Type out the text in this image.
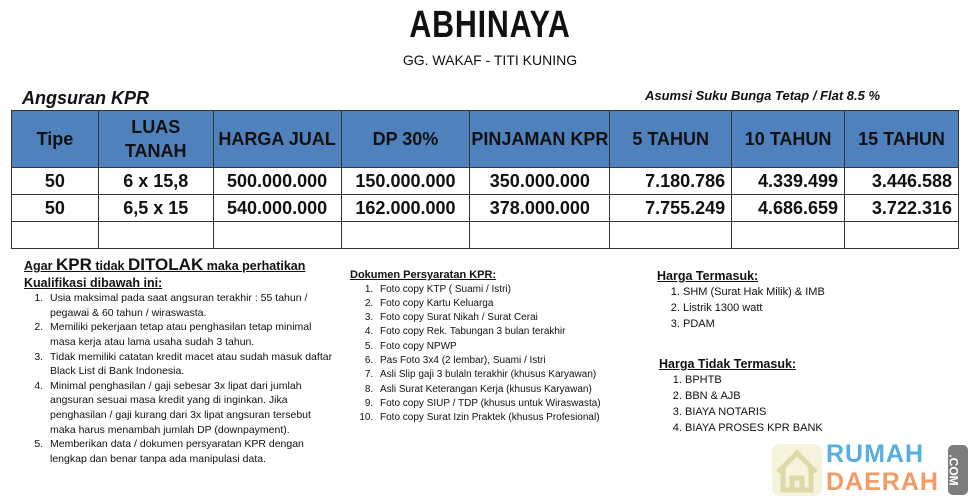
ABHINAYA
GG. WAKAF - TITI KUNING
Angsuran KPR	Asumsi Suku Bunga Tetap / Flat 8.5 %
Tipe	LUAS TANAH	HARGA JUAL	DP 30%	PINJAMAN KPR	5 TAHUN	10 TAHUN	15 TAHUN
50	6 x 15,8	500.000.000	150.000.000	350.000.000	7.180.786	4.339.499	3.446.588
50	6,5 x 15	540.000.000	162.000.000	378.000.000	7.755.249	4.686.659	3.722.316

Agar KPR tidak DITOLAK maka perhatikan
Kualifikasi dibawah ini:
1. Usia maksimal pada saat angsuran terakhir : 55 tahun / pegawai & 60 tahun / wiraswasta.
2. Memiliki pekerjaan tetap atau penghasilan tetap minimal masa kerja atau lama usaha sudah 3 tahun.
3. Tidak memiliki catatan kredit macet atau sudah masuk daftar Black List di Bank Indonesia.
4. Minimal penghasilan / gaji sebesar 3x lipat dari jumlah angsuran sesuai masa kredit yang di inginkan. Jika penghasilan / gaji kurang dari 3x lipat angsuran tersebut maka harus menambah jumlah DP (downpayment).
5. Memberikan data / dokumen persyaratan KPR dengan lengkap dan benar tanpa ada manipulasi data.
Dokumen Persyaratan KPR:
1. Foto copy KTP ( Suami / Istri)
2. Foto copy Kartu Keluarga
3. Foto copy Surat Nikah / Surat Cerai
4. Foto copy Rek. Tabungan 3 bulan terakhir
5. Foto copy NPWP
6. Pas Foto 3x4 (2 lembar), Suami / Istri
7. Asli Slip gaji 3 bulaln terakhir (khusus Karyawan)
8. Asli Surat Keterangan Kerja (khusus Karyawan)
9. Foto copy SIUP / TDP (khusus untuk Wiraswasta)
10. Foto copy Surat Izin Praktek (khusus Profesional)
Harga Termasuk:
1. SHM (Surat Hak Milik) & IMB
2. Listrik 1300 watt
3. PDAM
Harga Tidak Termasuk:
1. BPHTB
2. BBN & AJB
3. BIAYA NOTARIS
4. BIAYA PROSES KPR BANK
RUMAH
DAERAH .COM
